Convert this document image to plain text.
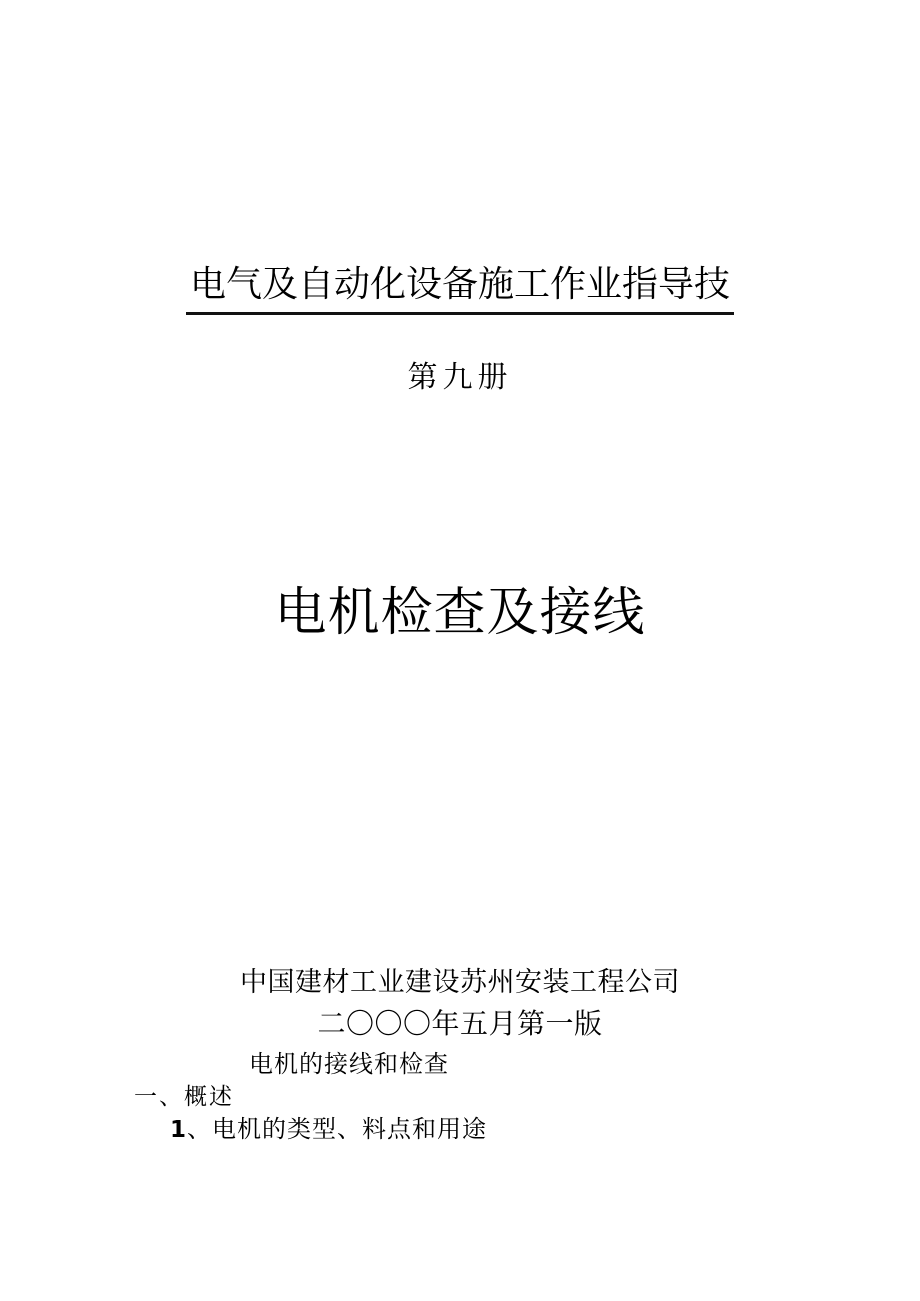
电气及自动化设备施工作业指导技
第九册
电机检查及接线
中国建材工业建设苏州安装工程公司
二〇〇〇年五月第一版
电机的接线和检查
一、概述
1、电机的类型、料点和用途
